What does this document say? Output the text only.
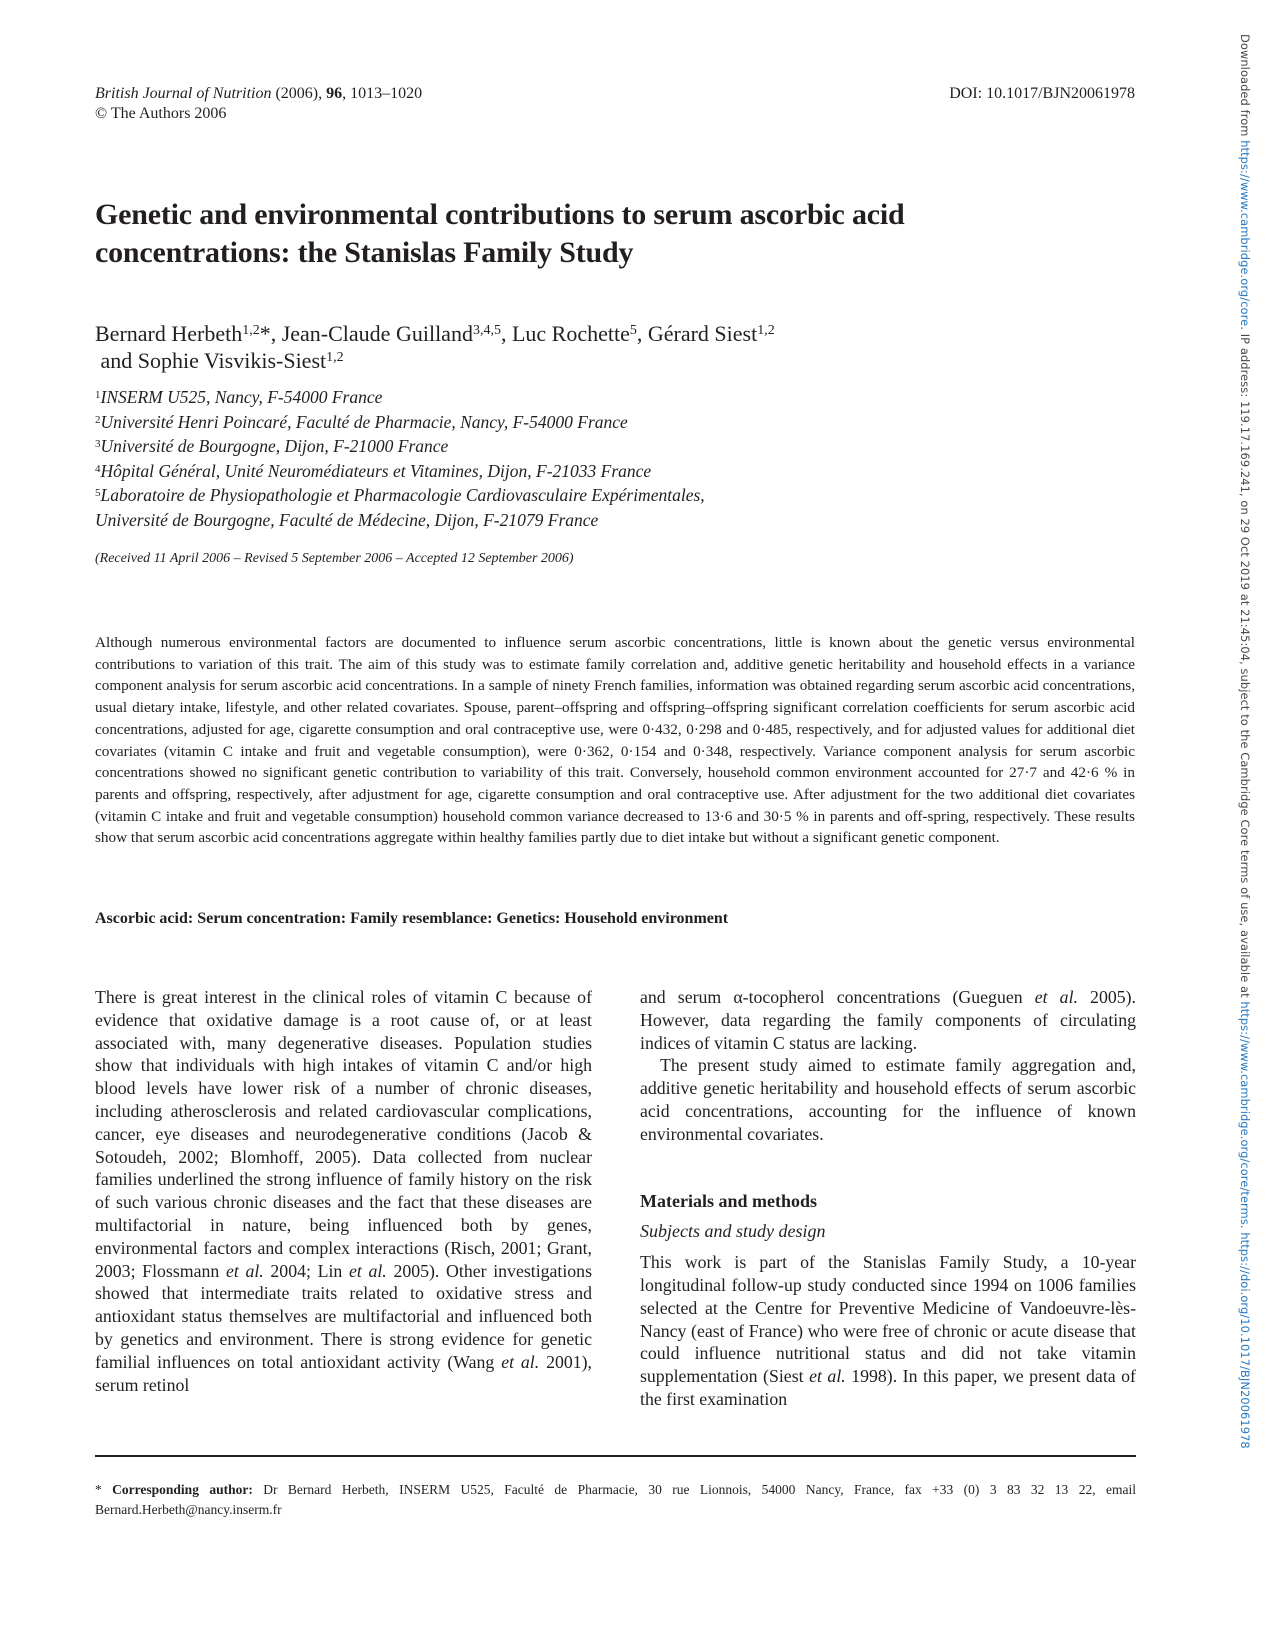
British Journal of Nutrition (2006), 96, 1013–1020
© The Authors 2006
DOI: 10.1017/BJN20061978
Genetic and environmental contributions to serum ascorbic acid
concentrations: the Stanislas Family Study
Bernard Herbeth$^{1,2}$*, Jean-Claude Guilland$^{3,4,5}$, Luc Rochette$^5$, Gérard Siest$^{1,2}$
and Sophie Visvikis-Siest$^{1,2}$
$^1$INSERM U525, Nancy, F-54000 France
$^2$Université Henri Poincaré, Faculté de Pharmacie, Nancy, F-54000 France
$^3$Université de Bourgogne, Dijon, F-21000 France
$^4$Hôpital Général, Unité Neuromédiateurs et Vitamines, Dijon, F-21033 France
$^5$Laboratoire de Physiopathologie et Pharmacologie Cardiovasculaire Expérimentales,
Université de Bourgogne, Faculté de Médecine, Dijon, F-21079 France
(Received 11 April 2006 – Revised 5 September 2006 – Accepted 12 September 2006)
Although numerous environmental factors are documented to influence serum ascorbic concentrations, little is known about the genetic versus environmental contributions to variation of this trait. The aim of this study was to estimate family correlation and, additive genetic heritability and household effects in a variance component analysis for serum ascorbic acid concentrations. In a sample of ninety French families, information was obtained regarding serum ascorbic acid concentrations, usual dietary intake, lifestyle, and other related covariates. Spouse, parent–offspring and offspring–offspring significant correlation coefficients for serum ascorbic acid concentrations, adjusted for age, cigarette consumption and oral contraceptive use, were 0·432, 0·298 and 0·485, respectively, and for adjusted values for additional diet covariates (vitamin C intake and fruit and vegetable consumption), were 0·362, 0·154 and 0·348, respectively. Variance component analysis for serum ascorbic concentrations showed no significant genetic contribution to variability of this trait. Conversely, household common environment accounted for 27·7 and 42·6 % in parents and offspring, respectively, after adjustment for age, cigarette consumption and oral contraceptive use. After adjustment for the two additional diet covariates (vitamin C intake and fruit and vegetable consumption) household common variance decreased to 13·6 and 30·5 % in parents and off-spring, respectively. These results show that serum ascorbic acid concentrations aggregate within healthy families partly due to diet intake but without a significant genetic component.
Ascorbic acid: Serum concentration: Family resemblance: Genetics: Household environment

There is great interest in the clinical roles of vitamin C because of evidence that oxidative damage is a root cause of, or at least associated with, many degenerative diseases. Population studies show that individuals with high intakes of vitamin C and/or high blood levels have lower risk of a number of chronic diseases, including atherosclerosis and related cardiovascular complications, cancer, eye diseases and neurodegenerative conditions (Jacob & Sotoudeh, 2002; Blomhoff, 2005). Data collected from nuclear families underlined the strong influence of family history on the risk of such various chronic diseases and the fact that these diseases are multifactorial in nature, being influenced both by genes, environmental factors and complex interactions (Risch, 2001; Grant, 2003; Flossmann et al. 2004; Lin et al. 2005). Other investigations showed that intermediate traits related to oxidative stress and antioxidant status themselves are multifactorial and influenced both by genetics and environment. There is strong evidence for genetic familial influences on total antioxidant activity (Wang et al. 2001), serum retinol

and serum α-tocopherol concentrations (Gueguen et al. 2005). However, data regarding the family components of circulating indices of vitamin C status are lacking.

The present study aimed to estimate family aggregation and, additive genetic heritability and household effects of serum ascorbic acid concentrations, accounting for the influence of known environmental covariates.

Materials and methods

Subjects and study design

This work is part of the Stanislas Family Study, a 10-year longitudinal follow-up study conducted since 1994 on 1006 families selected at the Centre for Preventive Medicine of Vandoeuvre-lès-Nancy (east of France) who were free of chronic or acute disease that could influence nutritional status and did not take vitamin supplementation (Siest et al. 1998). In this paper, we present data of the first examination

* Corresponding author: Dr Bernard Herbeth, INSERM U525, Faculté de Pharmacie, 30 rue Lionnois, 54000 Nancy, France, fax +33 (0) 3 83 32 13 22, email Bernard.Herbeth@nancy.inserm.fr
Downloaded from https://www.cambridge.org/core. IP address: 119.17.169.241, on 29 Oct 2019 at 21:45:04, subject to the Cambridge Core terms of use, available at https://www.cambridge.org/core/terms. https://doi.org/10.1017/BJN20061978
